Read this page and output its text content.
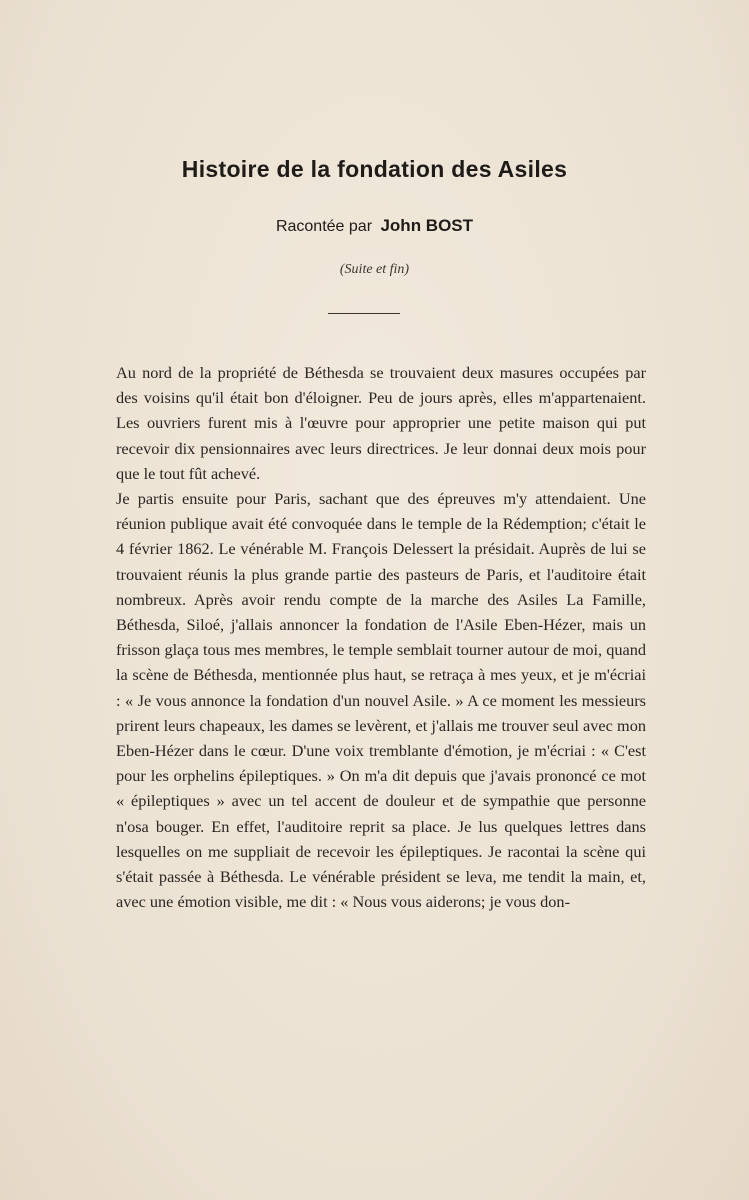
Histoire de la fondation des Asiles
Racontée par John BOST
(Suite et fin)

Au nord de la propriété de Béthesda se trouvaient deux masures occupées par des voisins qu'il était bon d'éloigner. Peu de jours après, elles m'appartenaient. Les ouvriers furent mis à l'œuvre pour approprier une petite maison qui put recevoir dix pensionnaires avec leurs directrices. Je leur donnai deux mois pour que le tout fût achevé.

Je partis ensuite pour Paris, sachant que des épreuves m'y attendaient. Une réunion publique avait été convoquée dans le temple de la Rédemption; c'était le 4 février 1862. Le vénérable M. François Delessert la présidait. Auprès de lui se trouvaient réunis la plus grande partie des pasteurs de Paris, et l'auditoire était nombreux. Après avoir rendu compte de la marche des Asiles La Famille, Béthesda, Siloé, j'allais annoncer la fondation de l'Asile Eben-Hézer, mais un frisson glaça tous mes membres, le temple semblait tourner autour de moi, quand la scène de Béthesda, mentionnée plus haut, se retraça à mes yeux, et je m'écriai : « Je vous annonce la fondation d'un nouvel Asile. » A ce moment les messieurs prirent leurs chapeaux, les dames se levèrent, et j'allais me trouver seul avec mon Eben-Hézer dans le cœur. D'une voix tremblante d'émotion, je m'écriai : « C'est pour les orphelins épileptiques. » On m'a dit depuis que j'avais prononcé ce mot « épileptiques » avec un tel accent de douleur et de sympathie que personne n'osa bouger. En effet, l'auditoire reprit sa place. Je lus quelques lettres dans lesquelles on me suppliait de recevoir les épileptiques. Je racontai la scène qui s'était passée à Béthesda. Le vénérable président se leva, me tendit la main, et, avec une émotion visible, me dit : « Nous vous aiderons; je vous don-
